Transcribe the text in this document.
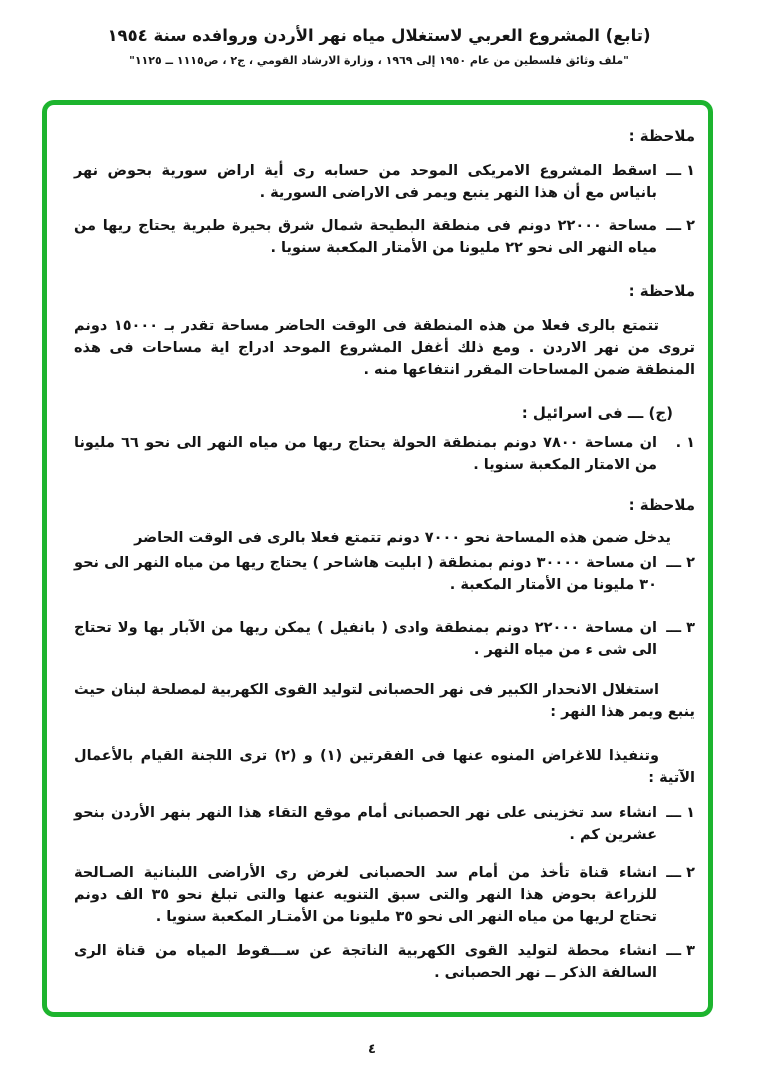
(تابع) المشروع العربي لاستغلال مياه نهر الأردن وروافده سنة ١٩٥٤
"ملف وثائق فلسطين من عام ١٩٥٠ إلى ١٩٦٩ ، وزارة الارشاد القومي ، ج٢ ، ص١١١٥ ــ ١١٢٥"
ملاحظة :
١ ـــ
اسقط المشروع الامريكى الموحد من حسابه رى أية اراض سورية بحوض نهر بانياس مع أن هذا النهر ينبع ويمر فى الاراضى السورية .
٢ ـــ
مساحة ٢٢٠٠٠ دونم فى منطقة البطيحة شمال شرق بحيرة طبرية يحتاج ريها من مياه النهر الى نحو ٢٢ مليونا من الأمتار المكعبة سنويا .
ملاحظة :
تتمتع بالرى فعلا من هذه المنطقة فى الوقت الحاضر مساحة تقدر بـ ١٥٠٠٠ دونم تروى من نهر الاردن . ومع ذلك أغفل المشروع الموحد ادراج اية مساحات فى هذه المنطقة ضمن المساحات المقرر انتفاعها منه .
(ج) ـــ فى اسرائيل :
١ .
ان مساحة ٧٨٠٠ دونم بمنطقة الحولة يحتاج ريها من مياه النهر الى نحو ٦٦ مليونا من الامتار المكعبة سنويا .
ملاحظة :
يدخل ضمن هذه المساحة نحو ٧٠٠٠ دونم تتمتع فعلا بالرى فى الوقت الحاضر
٢ ـــ
ان مساحة ٣٠٠٠٠ دونم بمنطقة ( ابليت هاشاحر ) يحتاج ريها من مياه النهر الى نحو ٣٠ مليونا من الأمتار المكعبة .
٣ ـــ
ان مساحة ٢٢٠٠٠ دونم بمنطقة وادى ( بانفيل ) يمكن ريها من الآبار بها ولا تحتاج الى شى ء من مياه النهر .
استغلال الانحدار الكبير فى نهر الحصبانى لتوليد القوى الكهربية لمصلحة لبنان حيث ينبع ويمر هذا النهر :
وتنفيذا للاغراض المنوه عنها فى الفقرتين (١) و (٢) ترى اللجنة القيام بالأعمال الآتية :
١ ـــ
انشاء سد تخزينى على نهر الحصبانى أمام موقع التقاء هذا النهر بنهر الأردن بنحو عشرين كم .
٢ ـــ
انشاء قناة تأخذ من أمام سد الحصبانى لغرض رى الأراضى اللبنانية الصـالحة للزراعة بحوض هذا النهر والتى سبق التنويه عنها والتى تبلغ نحو ٣٥ الف دونم تحتاج لريها من مياه النهر الى نحو ٣٥ مليونا من الأمتـار المكعبة سنويا .
٣ ـــ
انشاء محطة لتوليد القوى الكهربية الناتجة عن ســـقوط المياه من قناة الرى السالفة الذكر ــ نهر الحصبانى .
٤
